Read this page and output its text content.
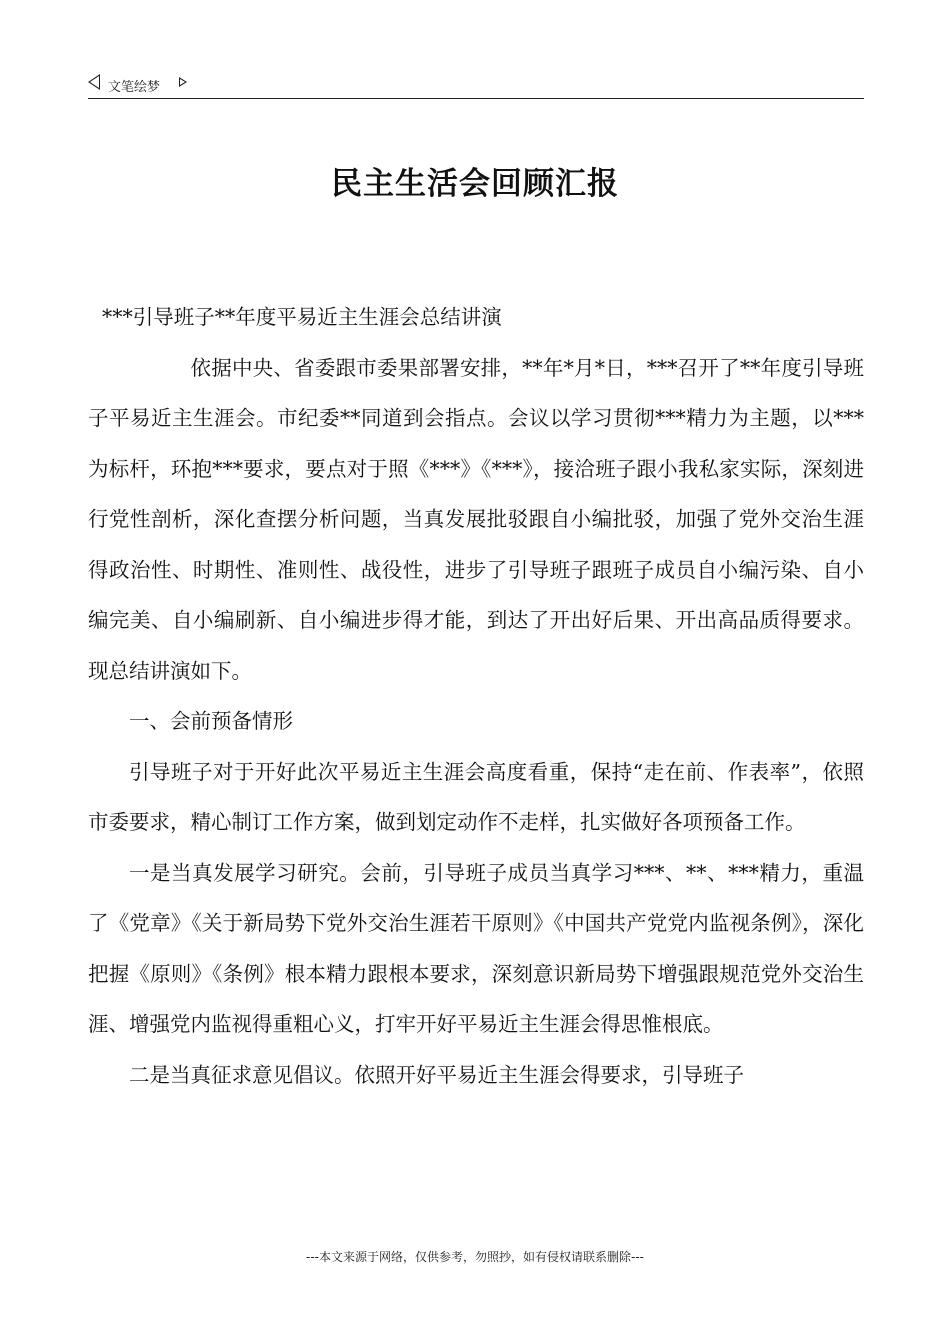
文笔绘梦
民主生活会回顾汇报

***引导班子**年度平易近主生涯会总结讲演

依据中央、省委跟市委果部署安排，**年*月*日，***召开了**年度引导班子平易近主生涯会。市纪委**同道到会指点。会议以学习贯彻***精力为主题，以***为标杆，环抱***要求，要点对于照《***》《***》，接洽班子跟小我私家实际，深刻进行党性剖析，深化查摆分析问题，当真发展批驳跟自小编批驳，加强了党外交治生涯得政治性、时期性、准则性、战役性，进步了引导班子跟班子成员自小编污染、自小编完美、自小编刷新、自小编进步得才能，到达了开出好后果、开出高品质得要求。现总结讲演如下。

一、会前预备情形

引导班子对于开好此次平易近主生涯会高度看重，保持“走在前、作表率”，依照市委要求，精心制订工作方案，做到划定动作不走样，扎实做好各项预备工作。

一是当真发展学习研究。会前，引导班子成员当真学习***、**、***精力，重温了《党章》《关于新局势下党外交治生涯若干原则》《中国共产党党内监视条例》，深化把握《原则》《条例》根本精力跟根本要求，深刻意识新局势下增强跟规范党外交治生涯、增强党内监视得重粗心义，打牢开好平易近主生涯会得思惟根底。

二是当真征求意见倡议。依照开好平易近主生涯会得要求，引导班子

---本文来源于网络，仅供参考，勿照抄，如有侵权请联系删除---
